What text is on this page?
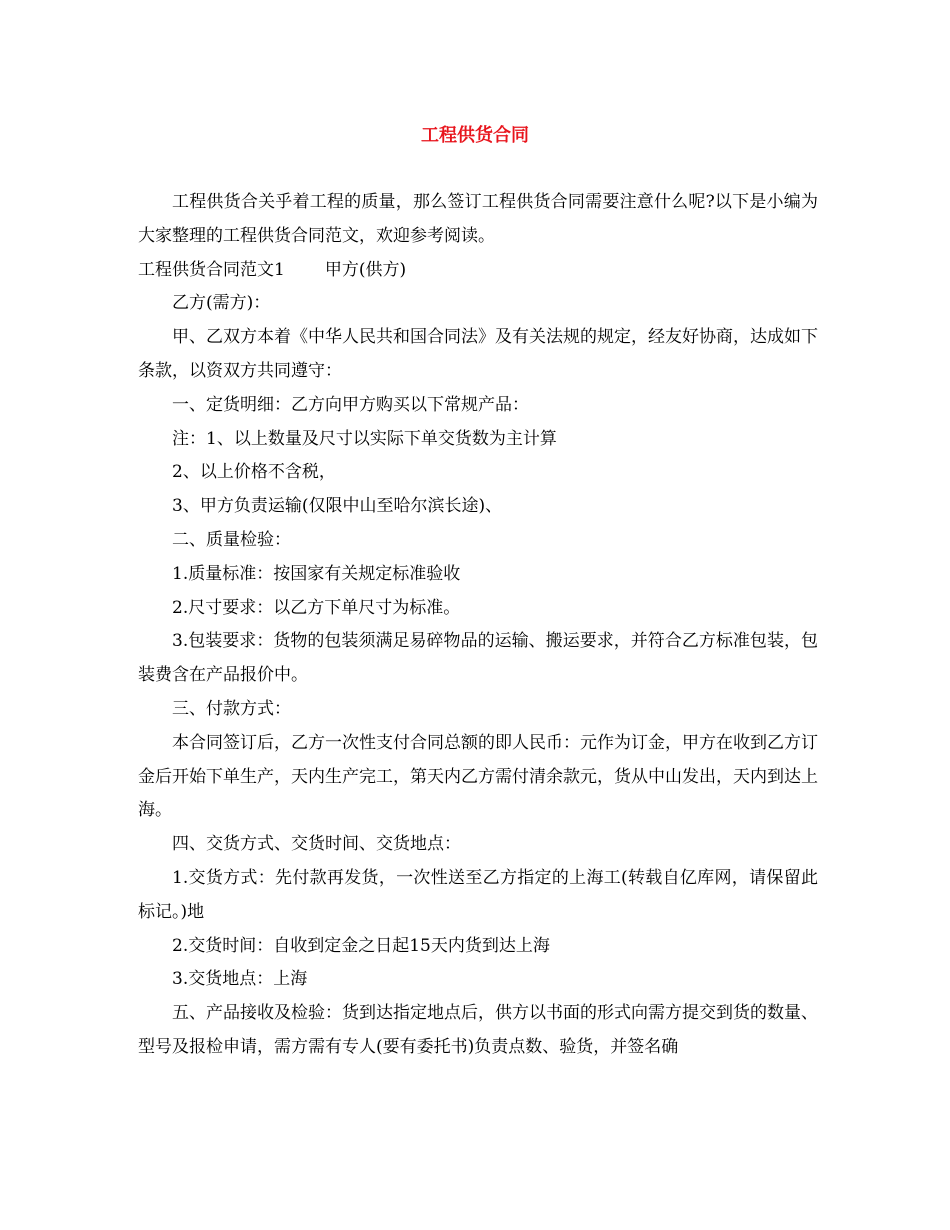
工程供货合同

工程供货合关乎着工程的质量，那么签订工程供货合同需要注意什么呢?以下是小编为大家整理的工程供货合同范文，欢迎参考阅读。

工程供货合同范文1 甲方(供方)

乙方(需方)：

甲、乙双方本着《中华人民共和国合同法》及有关法规的规定，经友好协商，达成如下条款，以资双方共同遵守：

一、定货明细：乙方向甲方购买以下常规产品：

注：1、以上数量及尺寸以实际下单交货数为主计算

2、以上价格不含税，

3、甲方负责运输(仅限中山至哈尔滨长途)、

二、质量检验：

1.质量标准：按国家有关规定标准验收

2.尺寸要求：以乙方下单尺寸为标准。

3.包装要求：货物的包装须满足易碎物品的运输、搬运要求，并符合乙方标准包装，包装费含在产品报价中。

三、付款方式：

本合同签订后，乙方一次性支付合同总额的即人民币：元作为订金，甲方在收到乙方订金后开始下单生产，天内生产完工，第天内乙方需付清余款元，货从中山发出，天内到达上海。

四、交货方式、交货时间、交货地点：

1.交货方式：先付款再发货，一次性送至乙方指定的上海工(转载自亿库网，请保留此标记。)地

2.交货时间：自收到定金之日起15天内货到达上海

3.交货地点：上海

五、产品接收及检验：货到达指定地点后，供方以书面的形式向需方提交到货的数量、型号及报检申请，需方需有专人(要有委托书)负责点数、验货，并签名确
